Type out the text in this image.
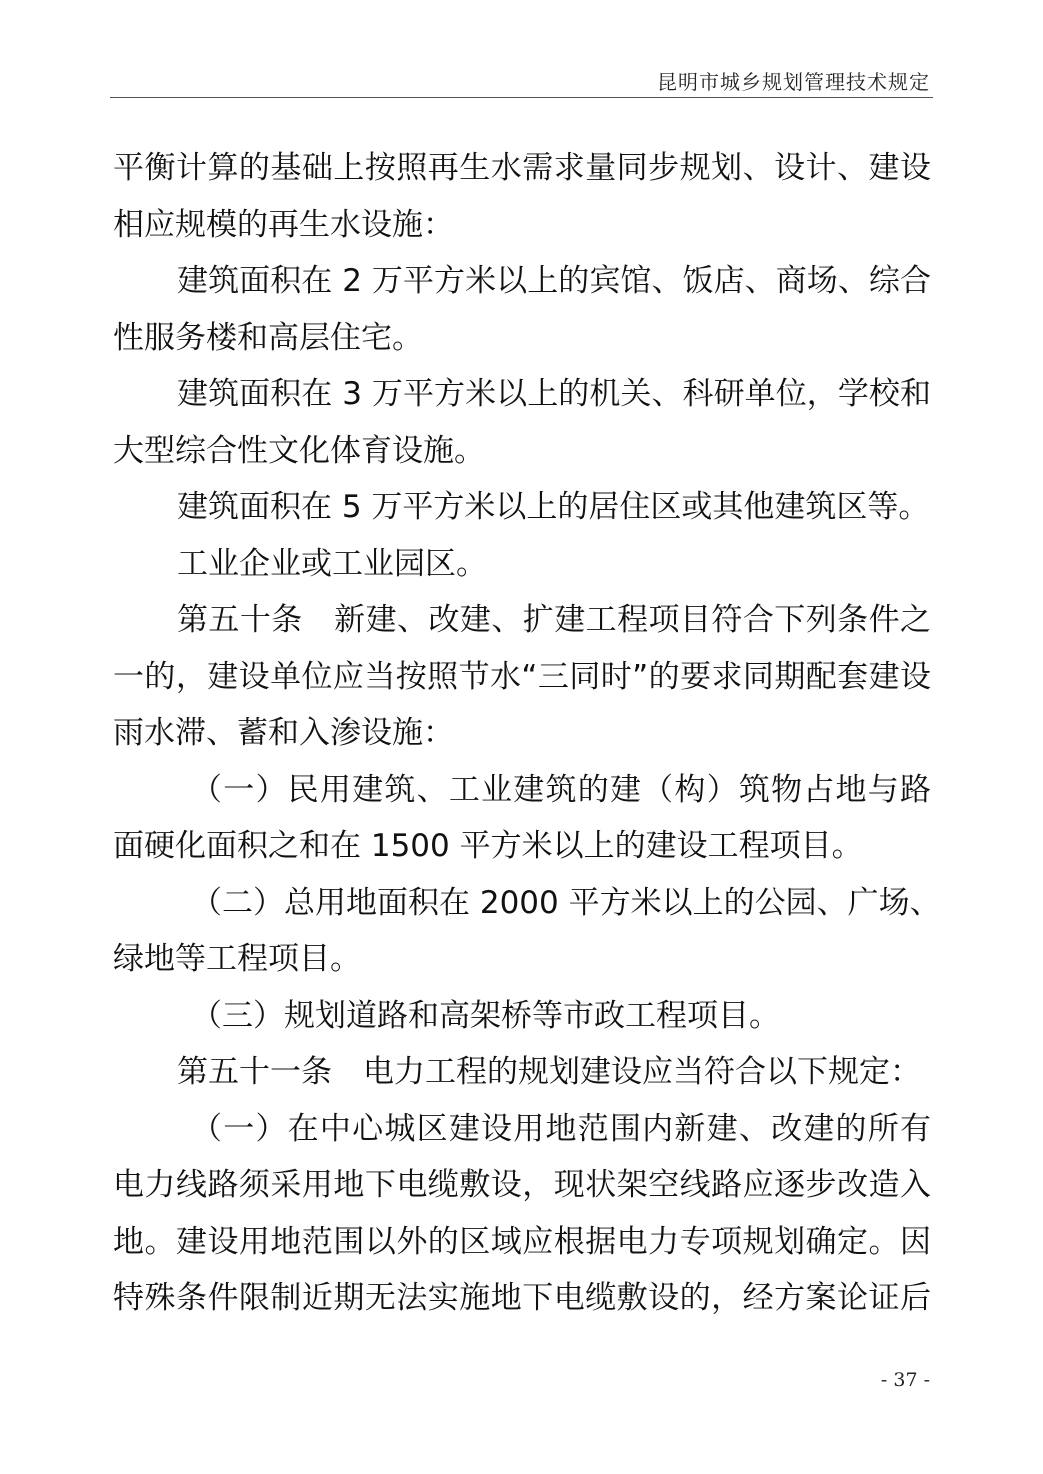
昆明市城乡规划管理技术规定
平衡计算的基础上按照再生水需求量同步规划、设计、建设
相应规模的再生水设施：
建筑面积在 2 万平方米以上的宾馆、饭店、商场、综合
性服务楼和高层住宅。
建筑面积在 3 万平方米以上的机关、科研单位，学校和
大型综合性文化体育设施。
建筑面积在 5 万平方米以上的居住区或其他建筑区等。
工业企业或工业园区。
第五十条　新建、改建、扩建工程项目符合下列条件之
一的，建设单位应当按照节水“三同时”的要求同期配套建设
雨水滞、蓄和入渗设施：
（一）民用建筑、工业建筑的建（构）筑物占地与路
面硬化面积之和在 1500 平方米以上的建设工程项目。
（二）总用地面积在 2000 平方米以上的公园、广场、
绿地等工程项目。
（三）规划道路和高架桥等市政工程项目。
第五十一条　电力工程的规划建设应当符合以下规定：
（一）在中心城区建设用地范围内新建、改建的所有
电力线路须采用地下电缆敷设，现状架空线路应逐步改造入
地。建设用地范围以外的区域应根据电力专项规划确定。因
特殊条件限制近期无法实施地下电缆敷设的，经方案论证后
- 37 -
